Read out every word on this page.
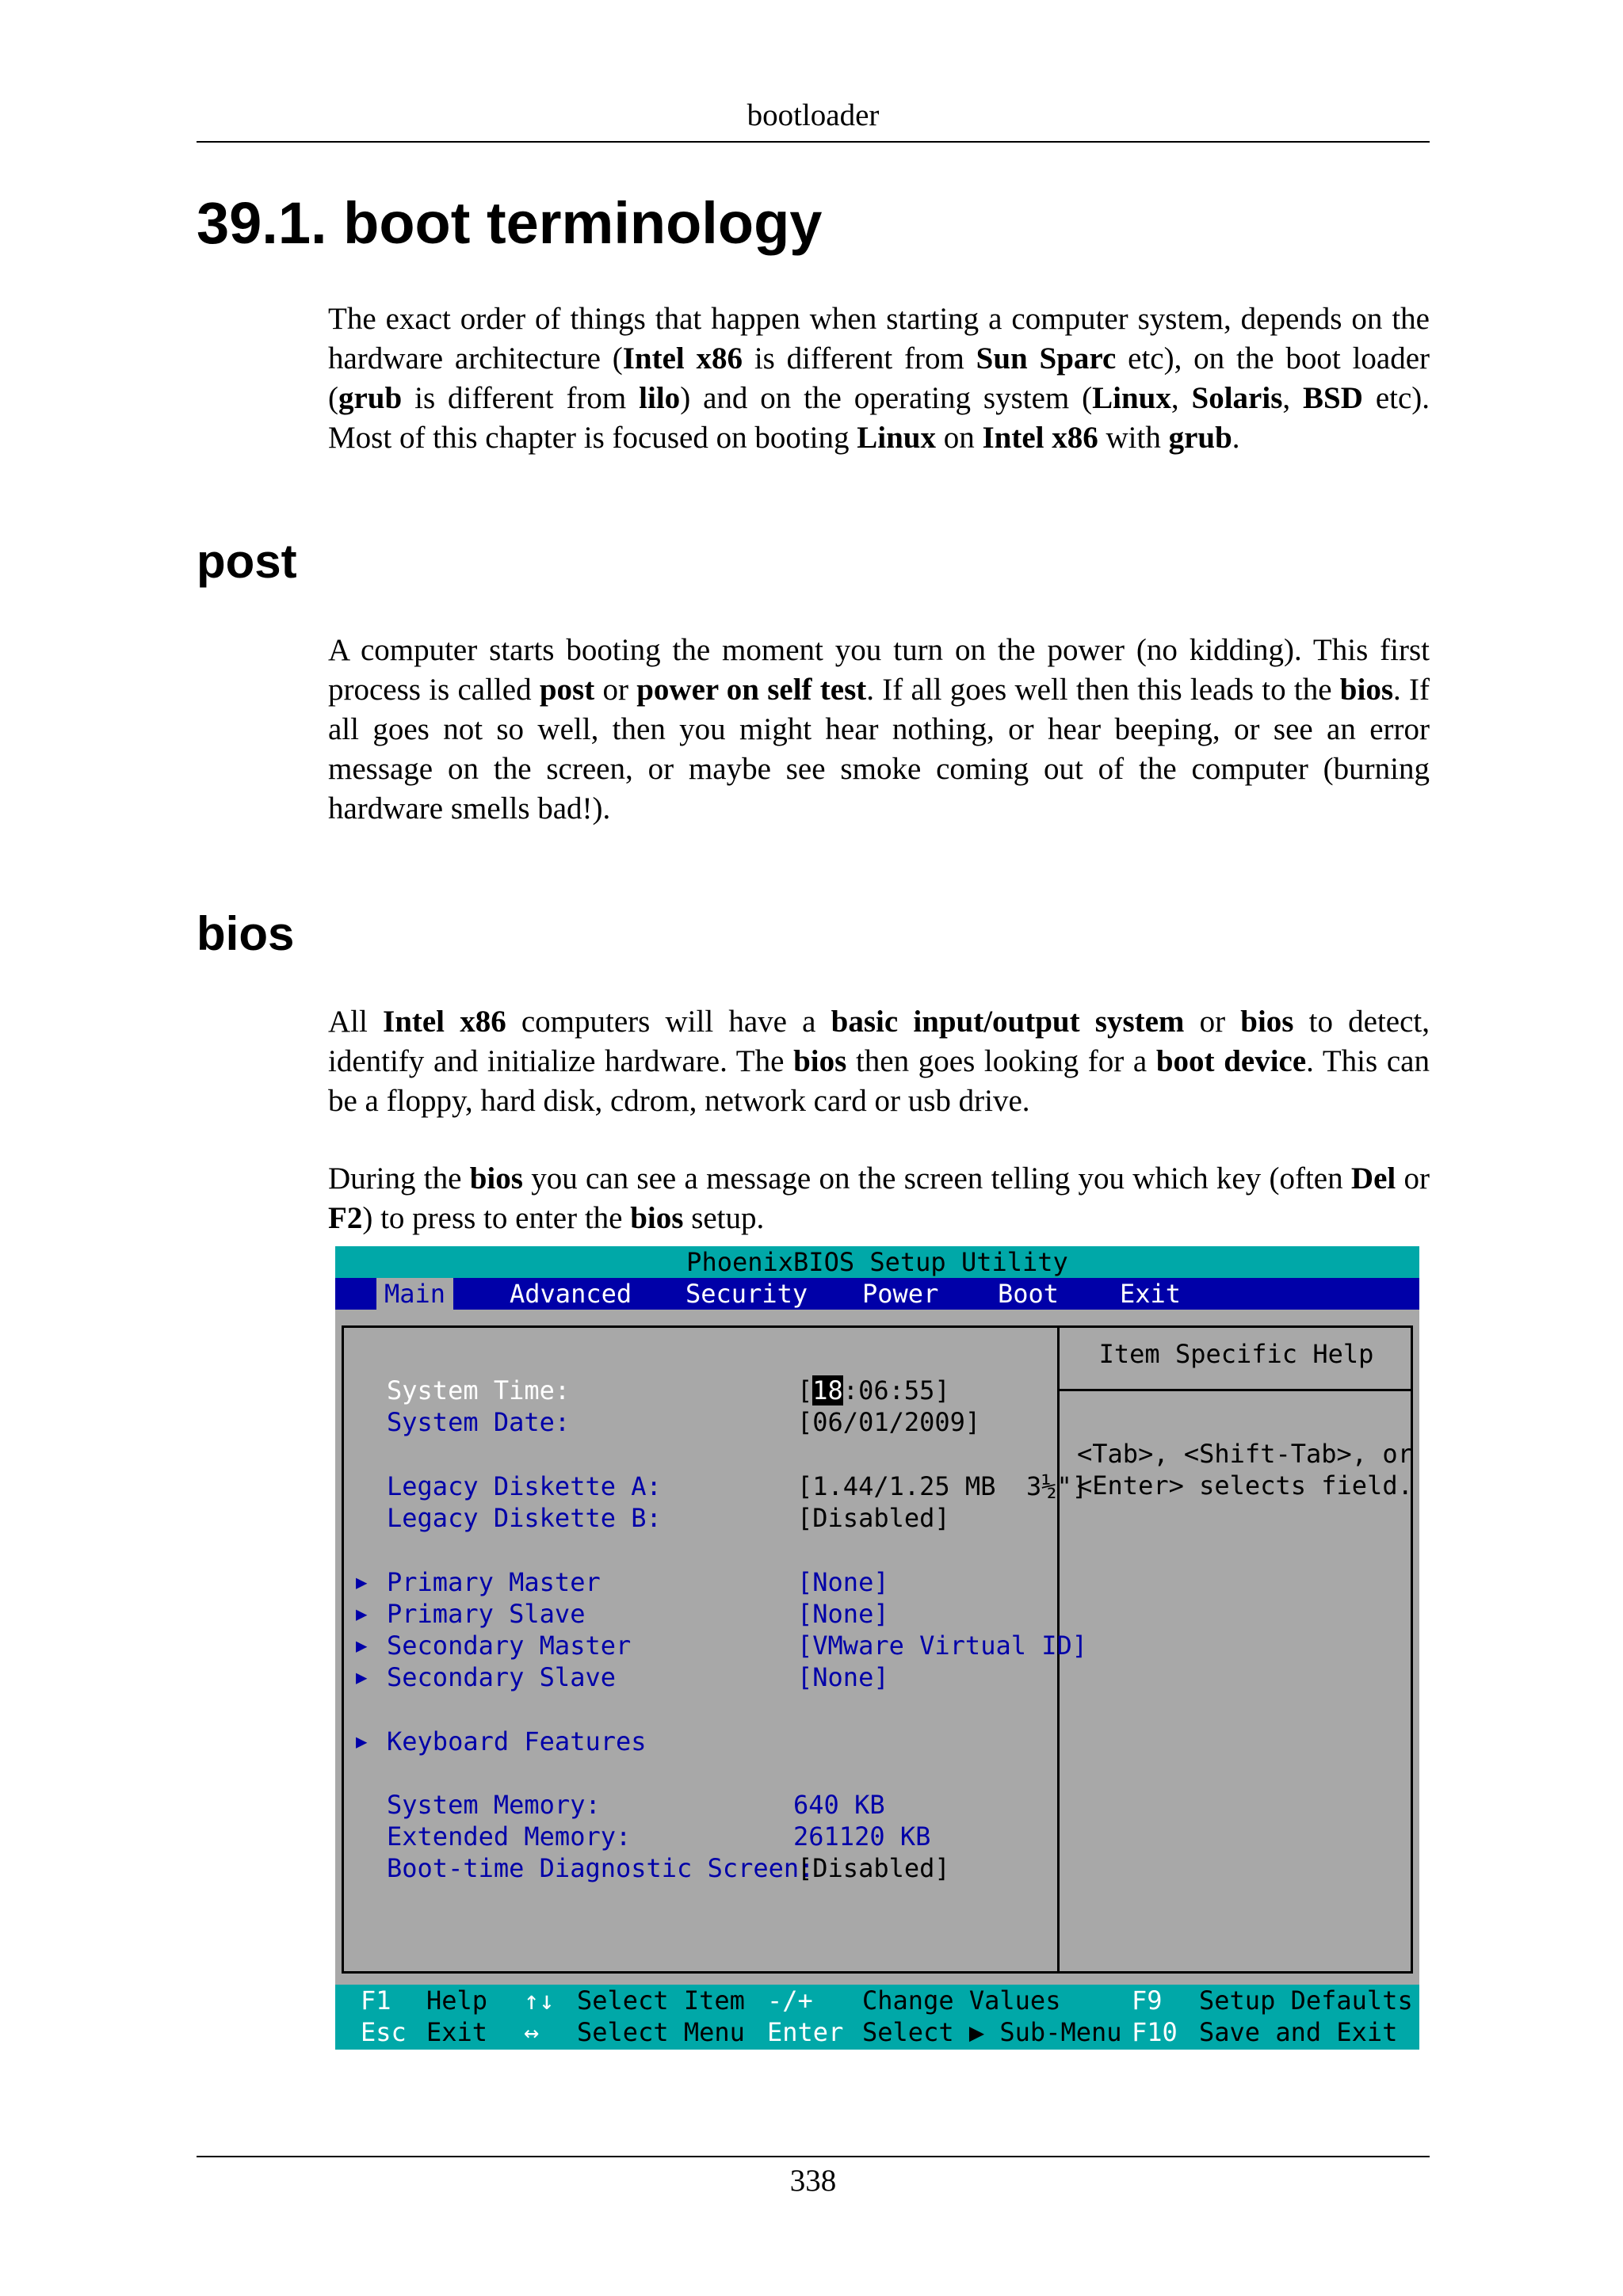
bootloader
39.1. boot terminology

The exact order of things that happen when starting a computer system, depends on the hardware architecture (Intel x86 is different from Sun Sparc etc), on the boot loader (grub is different from lilo) and on the operating system (Linux, Solaris, BSD etc). Most of this chapter is focused on booting Linux on Intel x86 with grub.

post

A computer starts booting the moment you turn on the power (no kidding). This first process is called post or power on self test. If all goes well then this leads to the bios. If all goes not so well, then you might hear nothing, or hear beeping, or see an error message on the screen, or maybe see smoke coming out of the computer (burning hardware smells bad!).

bios

All Intel x86 computers will have a basic input/output system or bios to detect, identify and initialize hardware. The bios then goes looking for a boot device. This can be a floppy, hard disk, cdrom, network card or usb drive.

During the bios you can see a message on the screen telling you which key (often Del or F2) to press to enter the bios setup.

PhoenixBIOS Setup Utility
Main	Advanced	Security	Power	Boot	Exit
Item Specific Help
<Tab>, <Shift-Tab>, or
<Enter> selects field.
System Time:	[18:06:55]
System Date:	[06/01/2009]
Legacy Diskette A:	[1.44/1.25 MB  3½"]
Legacy Diskette B:	[Disabled]
▶ Primary Master	[None]
▶ Primary Slave	[None]
▶ Secondary Master	[VMware Virtual ID]
▶ Secondary Slave	[None]
▶ Keyboard Features
System Memory:	640 KB
Extended Memory:	261120 KB
Boot-time Diagnostic Screen:
[Disabled]
F1 Help ↑↓ Select Item -/+ Change Values	F9 Setup Defaults
Esc Exit ↔ Select Menu Enter Select ▶ Sub-Menu F10 Save and Exit
338
